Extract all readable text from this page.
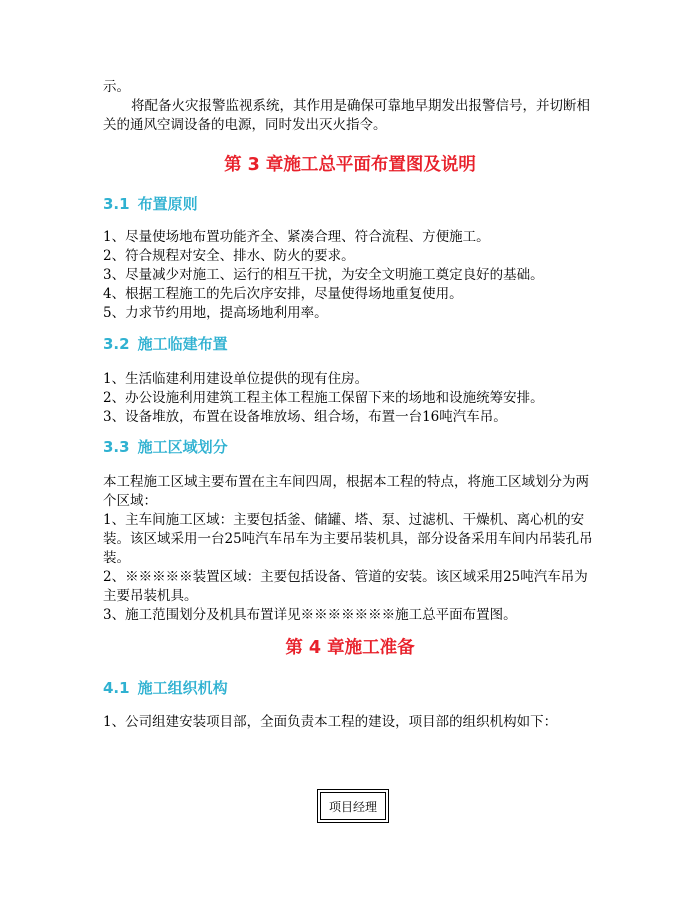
示。

将配备火灾报警监视系统，其作用是确保可靠地早期发出报警信号，并切断相关的通风空调设备的电源，同时发出灭火指令。

第 3 章施工总平面布置图及说明
3.1 布置原则
1、尽量使场地布置功能齐全、紧凑合理、符合流程、方便施工。
2、符合规程对安全、排水、防火的要求。
3、尽量减少对施工、运行的相互干扰，为安全文明施工奠定良好的基础。
4、根据工程施工的先后次序安排，尽量使得场地重复使用。
5、力求节约用地，提高场地利用率。
3.2 施工临建布置
1、生活临建利用建设单位提供的现有住房。
2、办公设施利用建筑工程主体工程施工保留下来的场地和设施统筹安排。
3、设备堆放，布置在设备堆放场、组合场，布置一台16吨汽车吊。
3.3 施工区域划分
本工程施工区域主要布置在主车间四周，根据本工程的特点，将施工区域划分为两
个区域：
1、主车间施工区域：主要包括釜、储罐、塔、泵、过滤机、干燥机、离心机的安
装。该区域采用一台25吨汽车吊车为主要吊装机具，部分设备采用车间内吊装孔吊
装。
2、※※※※※装置区域：主要包括设备、管道的安装。该区域采用25吨汽车吊为
主要吊装机具。
3、施工范围划分及机具布置详见※※※※※※※施工总平面布置图。
第 4 章施工准备
4.1 施工组织机构

1、公司组建安装项目部，全面负责本工程的建设，项目部的组织机构如下：

项目经理
